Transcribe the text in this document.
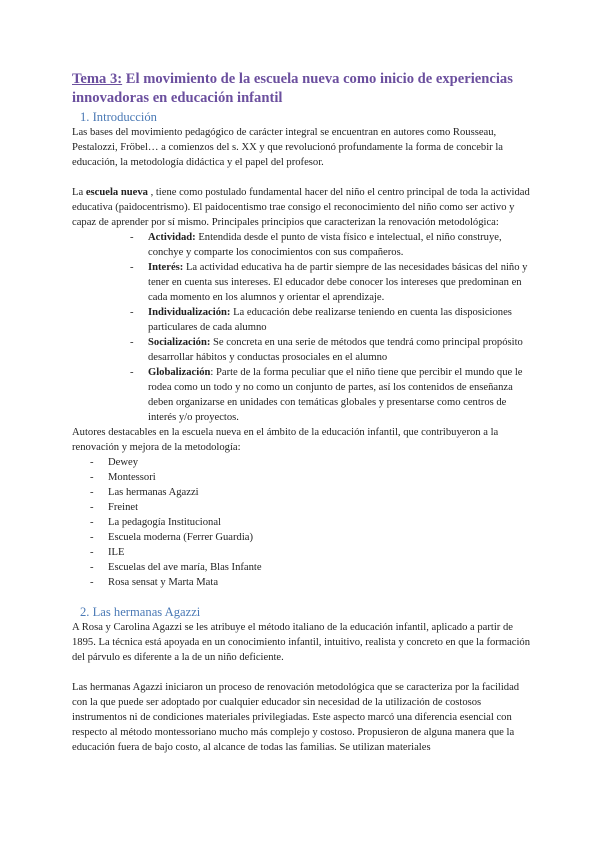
Tema 3: El movimiento de la escuela nueva como inicio de experiencias innovadoras en educación infantil
1. Introducción

Las bases del movimiento pedagógico de carácter integral se encuentran en autores como Rousseau, Pestalozzi, Fröbel… a comienzos del s. XX y que revolucionó profundamente la forma de concebir la educación, la metodología didáctica y el papel del profesor.

La escuela nueva , tiene como postulado fundamental hacer del niño el centro principal de toda la actividad educativa (paidocentrismo). El paidocentismo trae consigo el reconocimiento del niño como ser activo y capaz de aprender por sí mismo. Principales principios que caracterizan la renovación metodológica:

- Actividad: Entendida desde el punto de vista físico e intelectual, el niño construye, conchye y comparte los conocimientos con sus compañeros.
- Interés: La actividad educativa ha de partir siempre de las necesidades básicas del niño y tener en cuenta sus intereses. El educador debe conocer los intereses que predominan en cada momento en los alumnos y orientar el aprendizaje.
- Individualización: La educación debe realizarse teniendo en cuenta las disposiciones particulares de cada alumno
- Socialización: Se concreta en una serie de métodos que tendrá como principal propósito desarrollar hábitos y conductas prosociales en el alumno
- Globalización: Parte de la forma peculiar que el niño tiene que percibir el mundo que le rodea como un todo y no como un conjunto de partes, así los contenidos de enseñanza deben organizarse en unidades con temáticas globales y presentarse como centros de interés y/o proyectos.

Autores destacables en la escuela nueva en el ámbito de la educación infantil, que contribuyeron a la renovación y mejora de la metodología:

- Dewey
- Montessori
- Las hermanas Agazzi
- Freinet
- La pedagogía Institucional
- Escuela moderna (Ferrer Guardia)
- ILE
- Escuelas del ave maría, Blas Infante
- Rosa sensat y Marta Mata
2. Las hermanas Agazzi

A Rosa y Carolina Agazzi se les atribuye el método italiano de la educación infantil, aplicado a partir de 1895. La técnica está apoyada en un conocimiento infantil, intuitivo, realista y concreto en que la formación del párvulo es diferente a la de un niño deficiente.

Las hermanas Agazzi iniciaron un proceso de renovación metodológica que se caracteriza por la facilidad con la que puede ser adoptado por cualquier educador sin necesidad de la utilización de costosos instrumentos ni de condiciones materiales privilegiadas. Este aspecto marcó una diferencia esencial con respecto al método montessoriano mucho más complejo y costoso. Propusieron de alguna manera que la educación fuera de bajo costo, al alcance de todas las familias. Se utilizan materiales
